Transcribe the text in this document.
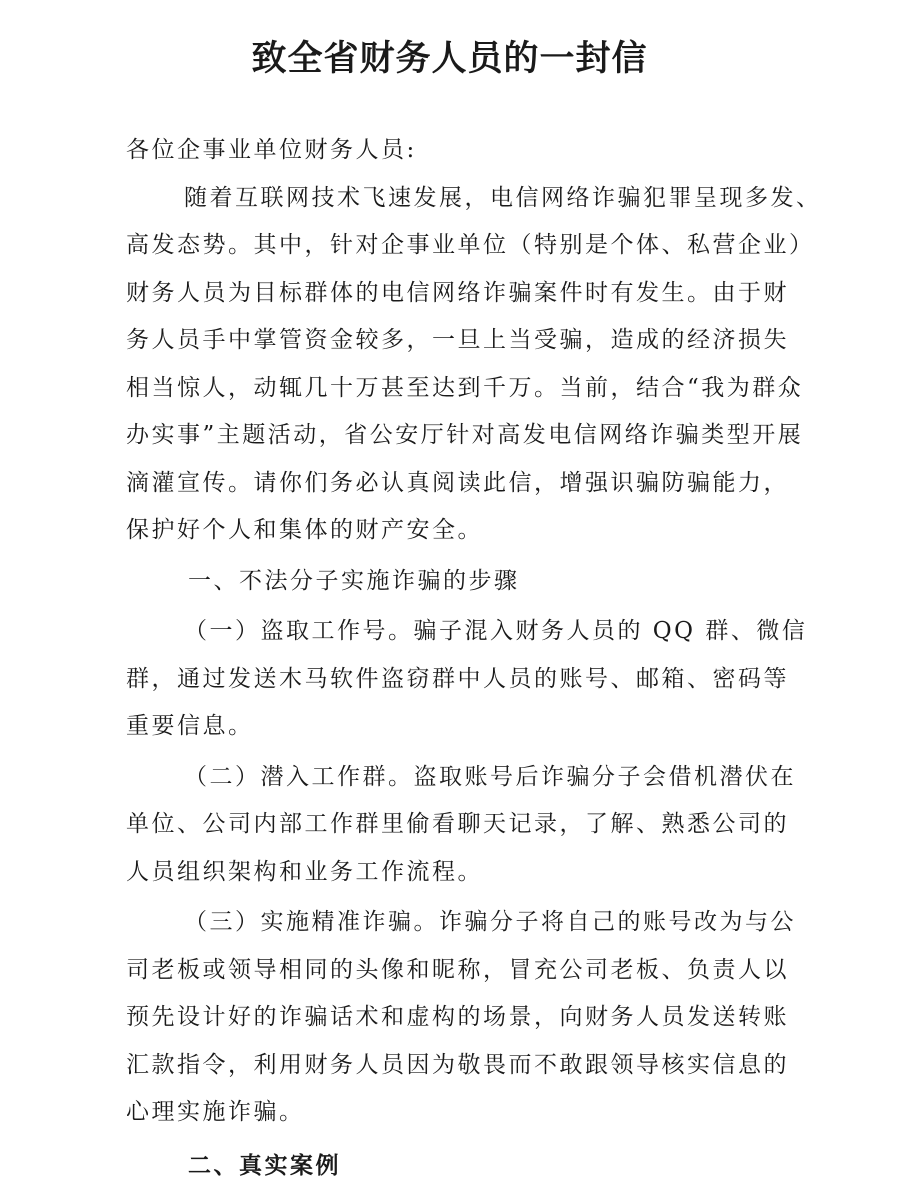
致全省财务人员的一封信
各位企事业单位财务人员:
随着互联网技术飞速发展，电信网络诈骗犯罪呈现多发、
高发态势。其中，针对企事业单位（特别是个体、私营企业）
财务人员为目标群体的电信网络诈骗案件时有发生。由于财
务人员手中掌管资金较多，一旦上当受骗，造成的经济损失
相当惊人，动辄几十万甚至达到千万。当前，结合“我为群众
办实事”主题活动，省公安厅针对高发电信网络诈骗类型开展
滴灌宣传。请你们务必认真阅读此信，增强识骗防骗能力，
保护好个人和集体的财产安全。
一、不法分子实施诈骗的步骤
（一）盗取工作号。骗子混入财务人员的 QQ 群、微信
群，通过发送木马软件盗窃群中人员的账号、邮箱、密码等
重要信息。
（二）潜入工作群。盗取账号后诈骗分子会借机潜伏在
单位、公司内部工作群里偷看聊天记录，了解、熟悉公司的
人员组织架构和业务工作流程。
（三）实施精准诈骗。诈骗分子将自己的账号改为与公
司老板或领导相同的头像和昵称，冒充公司老板、负责人以
预先设计好的诈骗话术和虚构的场景，向财务人员发送转账
汇款指令，利用财务人员因为敬畏而不敢跟领导核实信息的
心理实施诈骗。
二、真实案例
